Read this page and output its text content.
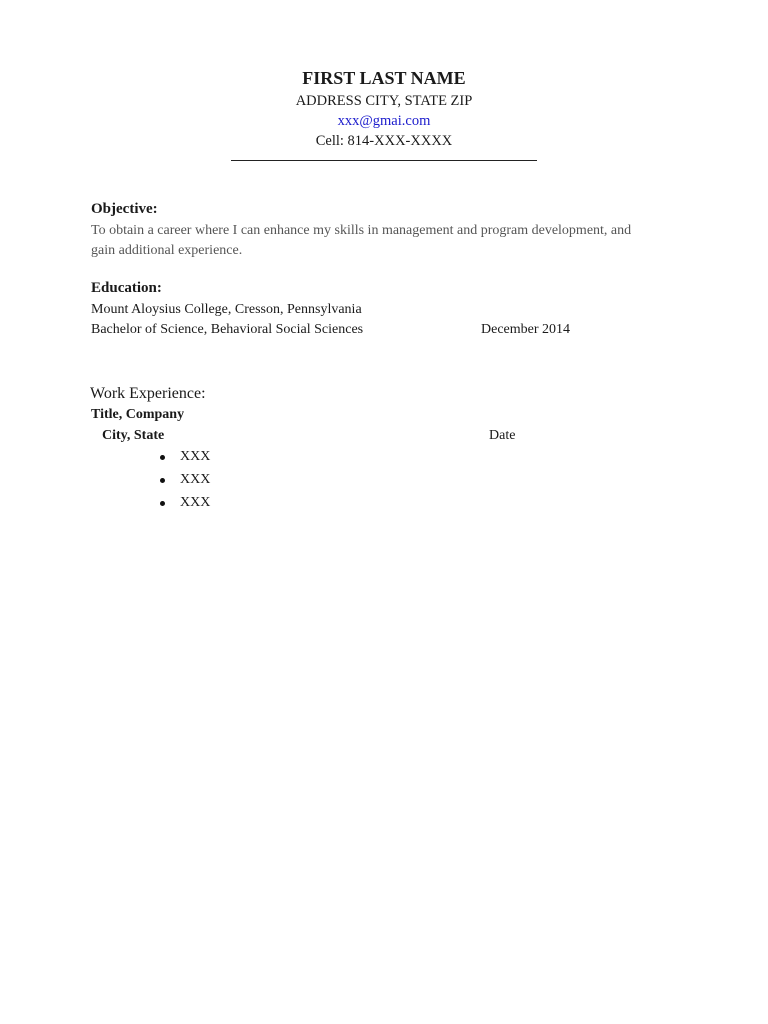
FIRST LAST NAME
ADDRESS CITY, STATE ZIP
xxx@gmai.com
Cell: 814-XXX-XXXX
Objective:
To obtain a career where I can enhance my skills in management and program development, and
gain additional experience.
Education:
Mount Aloysius College, Cresson, Pennsylvania
Bachelor of Science, Behavioral Social Sciences	December 2014
Work Experience:
Title, Company
City, State	Date
XXX
XXX
XXX
